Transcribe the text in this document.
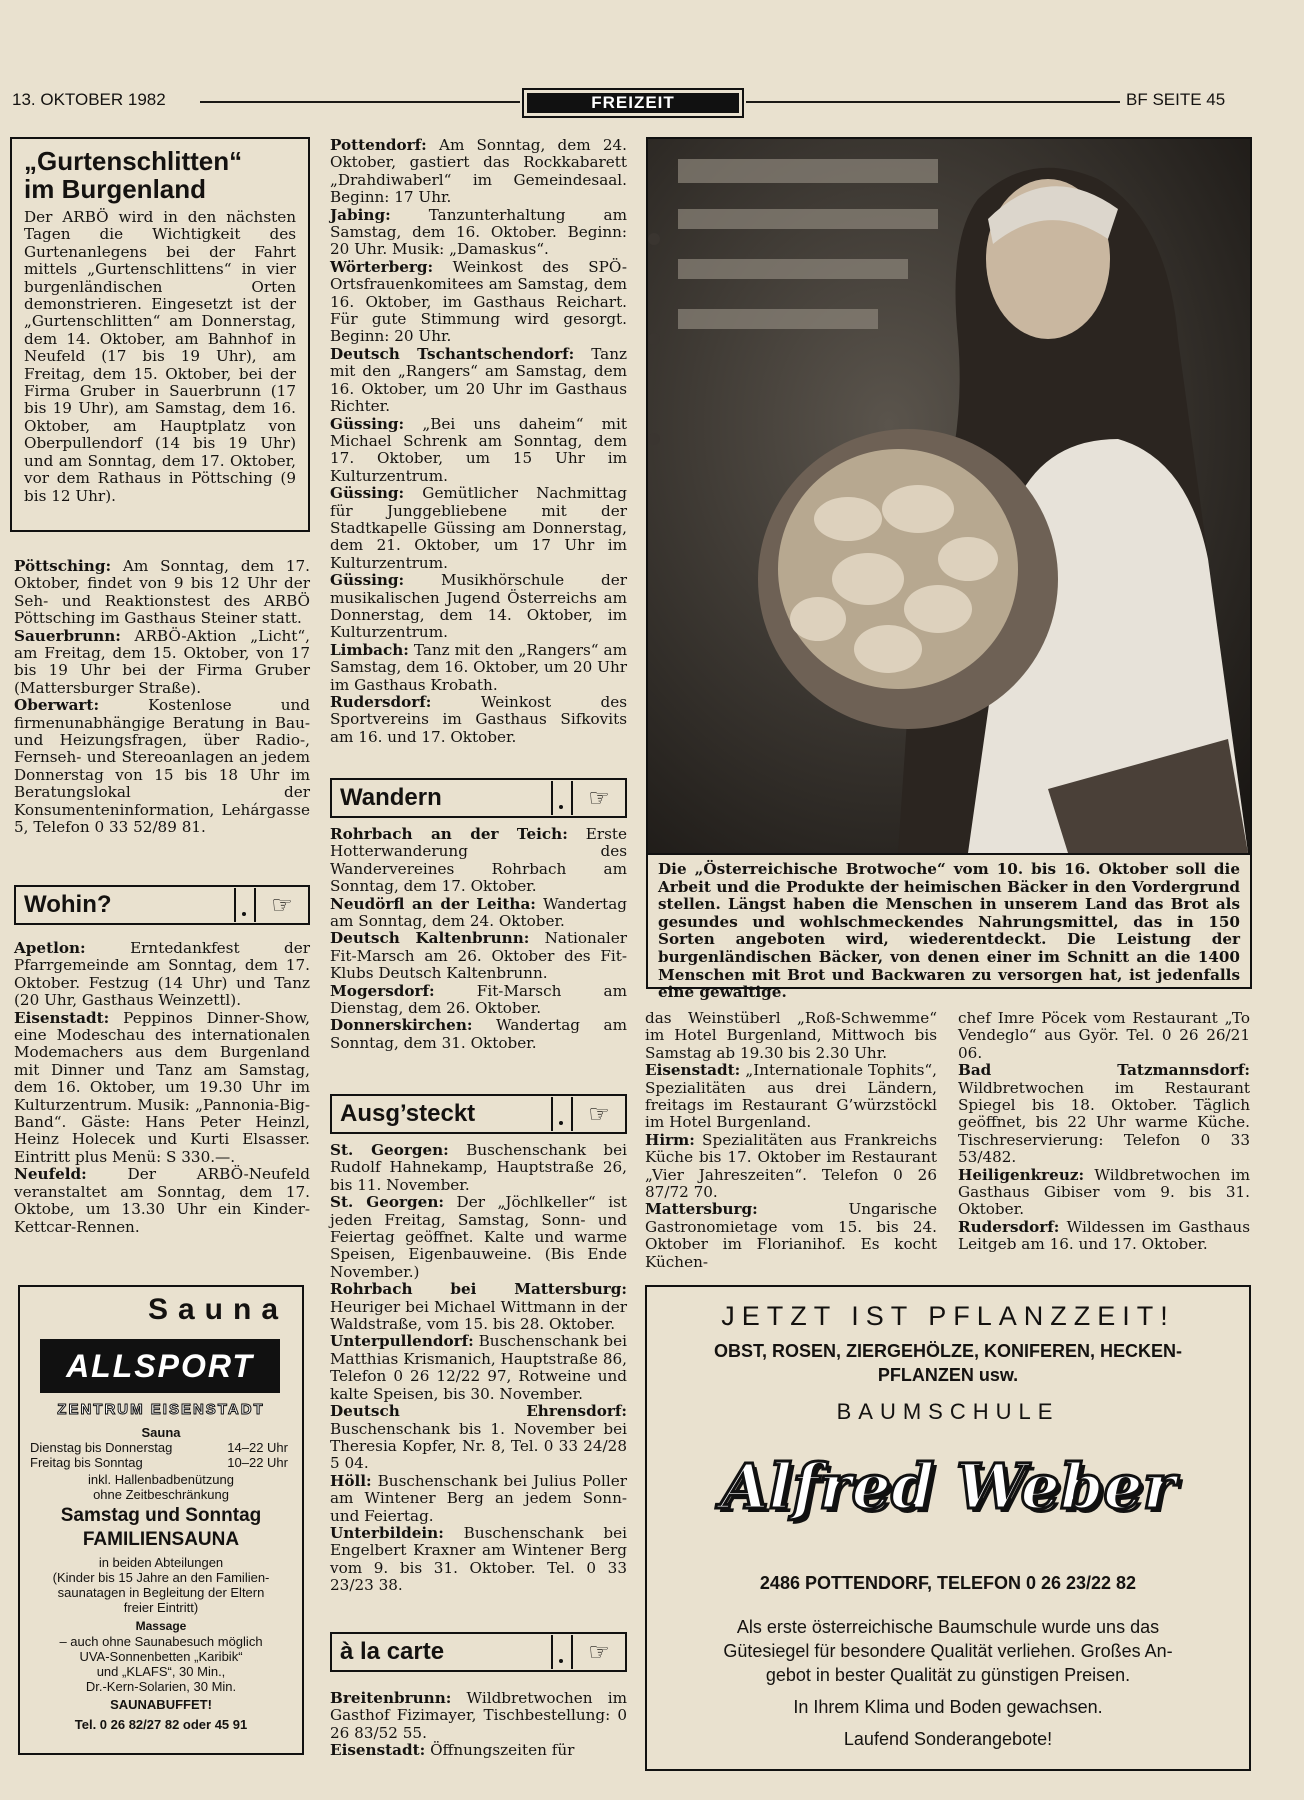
13. OKTOBER 1982	FREIZEIT	BF SEITE 45
„Gurtenschlitten“
im Burgenland

Der ARBÖ wird in den nächsten Tagen die Wichtigkeit des Gurtenanlegens bei der Fahrt mittels „Gurtenschlittens“ in vier burgenländischen Orten demonstrieren. Eingesetzt ist der „Gurtenschlitten“ am Donnerstag, dem 14. Oktober, am Bahnhof in Neufeld (17 bis 19 Uhr), am Freitag, dem 15. Oktober, bei der Firma Gruber in Sauerbrunn (17 bis 19 Uhr), am Samstag, dem 16. Oktober, am Hauptplatz von Oberpullendorf (14 bis 19 Uhr) und am Sonntag, dem 17. Oktober, vor dem Rathaus in Pöttsching (9 bis 12 Uhr).

Pöttsching: Am Sonntag, dem 17. Oktober, findet von 9 bis 12 Uhr der Seh- und Reaktionstest des ARBÖ Pöttsching im Gasthaus Steiner statt.

Sauerbrunn: ARBÖ-Aktion „Licht“, am Freitag, dem 15. Oktober, von 17 bis 19 Uhr bei der Firma Gruber (Mattersburger Straße).

Oberwart: Kostenlose und firmenunabhängige Beratung in Bau- und Heizungsfragen, über Radio-, Fernseh- und Stereoanlagen an jedem Donnerstag von 15 bis 18 Uhr im Beratungslokal der Konsumenteninformation, Lehárgasse 5, Telefon 0 33 52/89 81.

Wohin?	☞

Apetlon: Erntedankfest der Pfarrgemeinde am Sonntag, dem 17. Oktober. Festzug (14 Uhr) und Tanz (20 Uhr, Gasthaus Weinzettl).

Eisenstadt: Peppinos Dinner-Show, eine Modeschau des internationalen Modemachers aus dem Burgenland mit Dinner und Tanz am Samstag, dem 16. Oktober, um 19.30 Uhr im Kulturzentrum. Musik: „Pannonia-Big-Band“. Gäste: Hans Peter Heinzl, Heinz Holecek und Kurti Elsasser. Eintritt plus Menü: S 330.—.

Neufeld: Der ARBÖ-Neufeld veranstaltet am Sonntag, dem 17. Oktobe, um 13.30 Uhr ein Kinder-Kettcar-Rennen.

Sauna
ALLSPORT
ZENTRUM EISENSTADT
Sauna
Dienstag bis Donnerstag	14–22 Uhr
Freitag bis Sonntag	10–22 Uhr
inkl. Hallenbadbenützung
ohne Zeitbeschränkung
Samstag und Sonntag
FAMILIENSAUNA
in beiden Abteilungen
(Kinder bis 15 Jahre an den Familien-
saunatagen in Begleitung der Eltern
freier Eintritt)
Massage
– auch ohne Saunabesuch möglich
UVA-Sonnenbetten „Karibik“
und „KLAFS“, 30 Min.,
Dr.-Kern-Solarien, 30 Min.
SAUNABUFFET!
Tel. 0 26 82/27 82 oder 45 91

Pottendorf: Am Sonntag, dem 24. Oktober, gastiert das Rockkabarett „Drahdiwaberl“ im Gemeindesaal. Beginn: 17 Uhr.

Jabing: Tanzunterhaltung am Samstag, dem 16. Oktober. Beginn: 20 Uhr. Musik: „Damaskus“.

Wörterberg: Weinkost des SPÖ-Ortsfrauenkomitees am Samstag, dem 16. Oktober, im Gasthaus Reichart. Für gute Stimmung wird gesorgt. Beginn: 20 Uhr.

Deutsch Tschantschendorf: Tanz mit den „Rangers“ am Samstag, dem 16. Oktober, um 20 Uhr im Gasthaus Richter.

Güssing: „Bei uns daheim“ mit Michael Schrenk am Sonntag, dem 17. Oktober, um 15 Uhr im Kulturzentrum.

Güssing: Gemütlicher Nachmittag für Junggebliebene mit der Stadtkapelle Güssing am Donnerstag, dem 21. Oktober, um 17 Uhr im Kulturzentrum.

Güssing: Musikhörschule der musikalischen Jugend Österreichs am Donnerstag, dem 14. Oktober, im Kulturzentrum.

Limbach: Tanz mit den „Rangers“ am Samstag, dem 16. Oktober, um 20 Uhr im Gasthaus Krobath.

Rudersdorf: Weinkost des Sportvereins im Gasthaus Sifkovits am 16. und 17. Oktober.

Wandern	☞

Rohrbach an der Teich: Erste Hotterwanderung des Wandervereines Rohrbach am Sonntag, dem 17. Oktober.

Neudörfl an der Leitha: Wandertag am Sonntag, dem 24. Oktober.

Deutsch Kaltenbrunn: Nationaler Fit-Marsch am 26. Oktober des Fit-Klubs Deutsch Kaltenbrunn.

Mogersdorf: Fit-Marsch am Dienstag, dem 26. Oktober.

Donnerskirchen: Wandertag am Sonntag, dem 31. Oktober.

Ausg’steckt	☞

St. Georgen: Buschenschank bei Rudolf Hahnekamp, Hauptstraße 26, bis 11. November.

St. Georgen: Der „Jöchlkeller“ ist jeden Freitag, Samstag, Sonn- und Feiertag geöffnet. Kalte und warme Speisen, Eigenbauweine. (Bis Ende November.)

Rohrbach bei Mattersburg: Heuriger bei Michael Wittmann in der Waldstraße, vom 15. bis 28. Oktober.

Unterpullendorf: Buschenschank bei Matthias Krismanich, Hauptstraße 86, Telefon 0 26 12/22 97, Rotweine und kalte Speisen, bis 30. November.

Deutsch Ehrensdorf: Buschenschank bis 1. November bei Theresia Kopfer, Nr. 8, Tel. 0 33 24/28 5 04.

Höll: Buschenschank bei Julius Poller am Wintener Berg an jedem Sonn- und Feiertag.

Unterbildein: Buschenschank bei Engelbert Kraxner am Wintener Berg vom 9. bis 31. Oktober. Tel. 0 33 23/23 38.

à la carte	☞

Breitenbrunn: Wildbretwochen im Gasthof Fizimayer, Tischbestellung: 0 26 83/52 55.

Eisenstadt: Öffnungszeiten für

Die „Österreichische Brotwoche“ vom 10. bis 16. Oktober soll die Arbeit und die Produkte der heimischen Bäcker in den Vordergrund stellen. Längst haben die Menschen in unserem Land das Brot als gesundes und wohlschmeckendes Nahrungsmittel, das in 150 Sorten angeboten wird, wiederentdeckt. Die Leistung der burgenländischen Bäcker, von denen einer im Schnitt an die 1400 Menschen mit Brot und Backwaren zu versorgen hat, ist jedenfalls eine gewaltige.

das Weinstüberl „Roß-Schwemme“ im Hotel Burgenland, Mittwoch bis Samstag ab 19.30 bis 2.30 Uhr.

Eisenstadt: „Internationale Tophits“, Spezialitäten aus drei Ländern, freitags im Restaurant G’würzstöckl im Hotel Burgenland.

Hirm: Spezialitäten aus Frankreichs Küche bis 17. Oktober im Restaurant „Vier Jahreszeiten“. Telefon 0 26 87/72 70.

Mattersburg: Ungarische Gastronomietage vom 15. bis 24. Oktober im Florianihof. Es kocht Küchen-

chef Imre Pöcek vom Restaurant „To Vendeglo“ aus Györ. Tel. 0 26 26/21 06.

Bad Tatzmannsdorf: Wildbretwochen im Restaurant Spiegel bis 18. Oktober. Täglich geöffnet, bis 22 Uhr warme Küche. Tischreservierung: Telefon 0 33 53/482.

Heiligenkreuz: Wildbretwochen im Gasthaus Gibiser vom 9. bis 31. Oktober.

Rudersdorf: Wildessen im Gasthaus Leitgeb am 16. und 17. Oktober.

JETZT IST PFLANZZEIT!
OBST, ROSEN, ZIERGEHÖLZE, KONIFEREN, HECKEN-
PFLANZEN usw.
BAUMSCHULE
Alfred Weber
2486 POTTENDORF, TELEFON 0 26 23/22 82
Als erste österreichische Baumschule wurde uns das
Gütesiegel für besondere Qualität verliehen. Großes An-
gebot in bester Qualität zu günstigen Preisen.
In Ihrem Klima und Boden gewachsen.
Laufend Sonderangebote!
